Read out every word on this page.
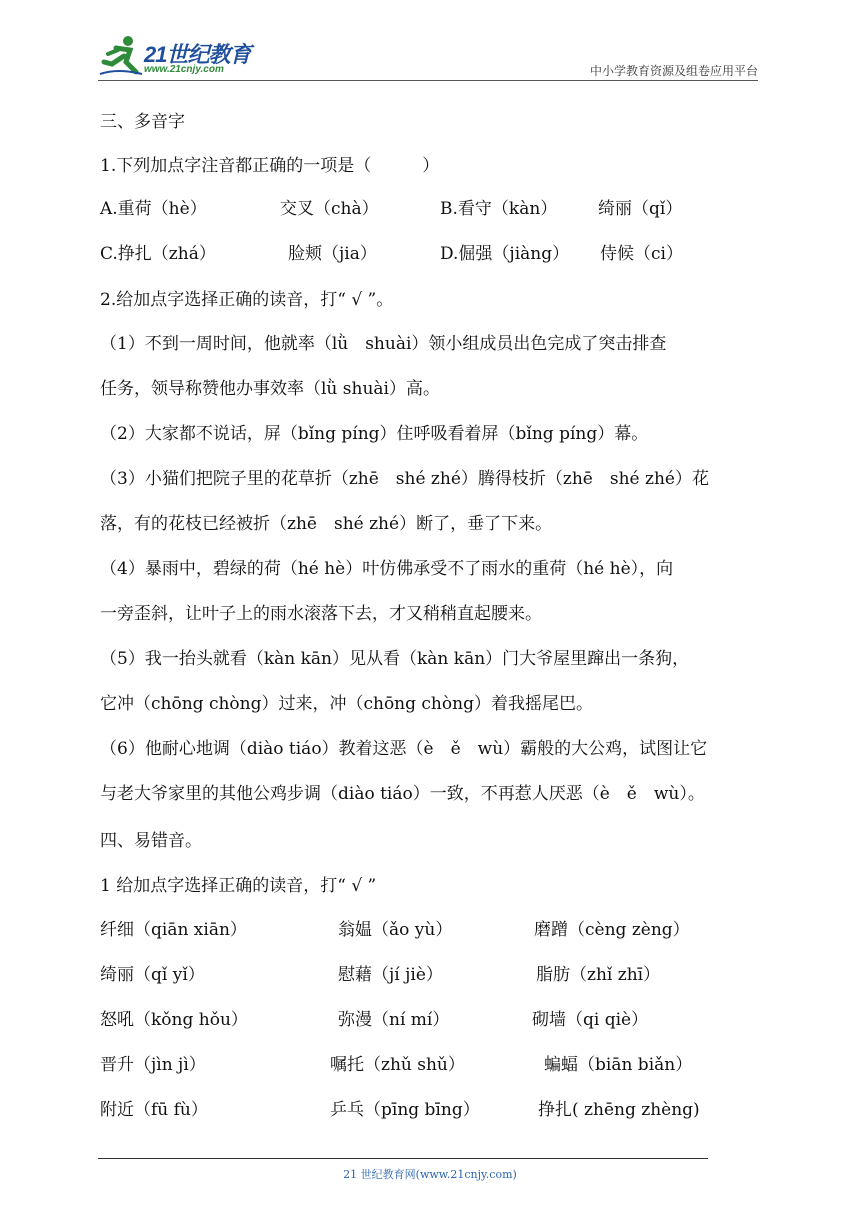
21世纪教育
www.21cnjy.com	中小学教育资源及组卷应用平台
三、多音字
1.下列加点字注音都正确的一项是（　　　）
A.重荷（hè）	交叉（chà）	B.看守（kàn） 绮丽（qǐ）
C.挣扎（zhá）	脸颊（jia）	D.倔强（jiàng） 侍候（ci）
2.给加点字选择正确的读音，打“ √ ”。
（1）不到一周时间，他就率（lǜ　shuài）领小组成员出色完成了突击排查
任务，领导称赞他办事效率（lǜ shuài）高。
（2）大家都不说话，屏（bǐng píng）住呼吸看着屏（bǐng píng）幕。
（3）小猫们把院子里的花草折（zhē　shé zhé）腾得枝折（zhē　shé zhé）花
落，有的花枝已经被折（zhē　shé zhé）断了，垂了下来。
（4）暴雨中，碧绿的荷（hé hè）叶仿佛承受不了雨水的重荷（hé hè），向
一旁歪斜，让叶子上的雨水滚落下去，才又稍稍直起腰来。
（5）我一抬头就看（kàn kān）见从看（kàn kān）门大爷屋里蹿出一条狗，
它冲（chōng chòng）过来，冲（chōng chòng）着我摇尾巴。
（6）他耐心地调（diào tiáo）教着这恶（è　ě　wù）霸般的大公鸡，试图让它
与老大爷家里的其他公鸡步调（diào tiáo）一致，不再惹人厌恶（è　ě　wù）。
四、易错音。
1 给加点字选择正确的读音，打“ √ ”
纤细（qiān xiān）	翁媪（ǎo yù）	磨蹭（cèng zèng）
绮丽（qǐ yǐ）	慰藉（jí jiè）	脂肪（zhǐ zhī）
怒吼（kǒng hǒu）	弥漫（ní mí）	砌墙（qi qiè）
晋升（jìn jì）	嘱托（zhǔ shǔ）	蝙蝠（biān biǎn）
附近（fū fù）	乒乓（pīng bīng）	挣扎( zhēng zhèng)
21 世纪教育网(www.21cnjy.com)
